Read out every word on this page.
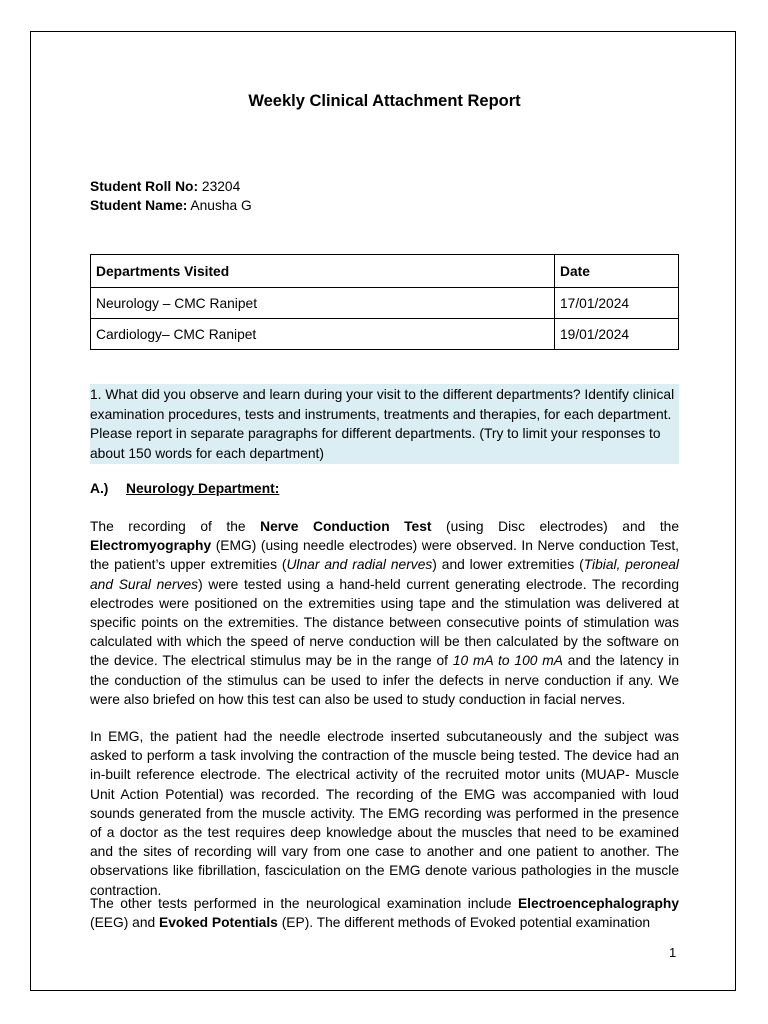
Weekly Clinical Attachment Report
Student Roll No: 23204
Student Name: Anusha G
Departments Visited	Date
Neurology – CMC Ranipet	17/01/2024
Cardiology– CMC Ranipet	19/01/2024

1. What did you observe and learn during your visit to the different departments? Identify clinical examination procedures, tests and instruments, treatments and therapies, for each department. Please report in separate paragraphs for different departments. (Try to limit your responses to about 150 words for each department)

A.) Neurology Department:

The recording of the Nerve Conduction Test (using Disc electrodes) and the Electromyography (EMG) (using needle electrodes) were observed. In Nerve conduction Test, the patient’s upper extremities (Ulnar and radial nerves) and lower extremities (Tibial, peroneal and Sural nerves) were tested using a hand-held current generating electrode. The recording electrodes were positioned on the extremities using tape and the stimulation was delivered at specific points on the extremities. The distance between consecutive points of stimulation was calculated with which the speed of nerve conduction will be then calculated by the software on the device. The electrical stimulus may be in the range of 10 mA to 100 mA and the latency in the conduction of the stimulus can be used to infer the defects in nerve conduction if any. We were also briefed on how this test can also be used to study conduction in facial nerves.

In EMG, the patient had the needle electrode inserted subcutaneously and the subject was asked to perform a task involving the contraction of the muscle being tested. The device had an in-built reference electrode. The electrical activity of the recruited motor units (MUAP- Muscle Unit Action Potential) was recorded. The recording of the EMG was accompanied with loud sounds generated from the muscle activity. The EMG recording was performed in the presence of a doctor as the test requires deep knowledge about the muscles that need to be examined and the sites of recording will vary from one case to another and one patient to another. The observations like fibrillation, fasciculation on the EMG denote various pathologies in the muscle contraction.

The other tests performed in the neurological examination include Electroencephalography (EEG) and Evoked Potentials (EP). The different methods of Evoked potential examination

1
